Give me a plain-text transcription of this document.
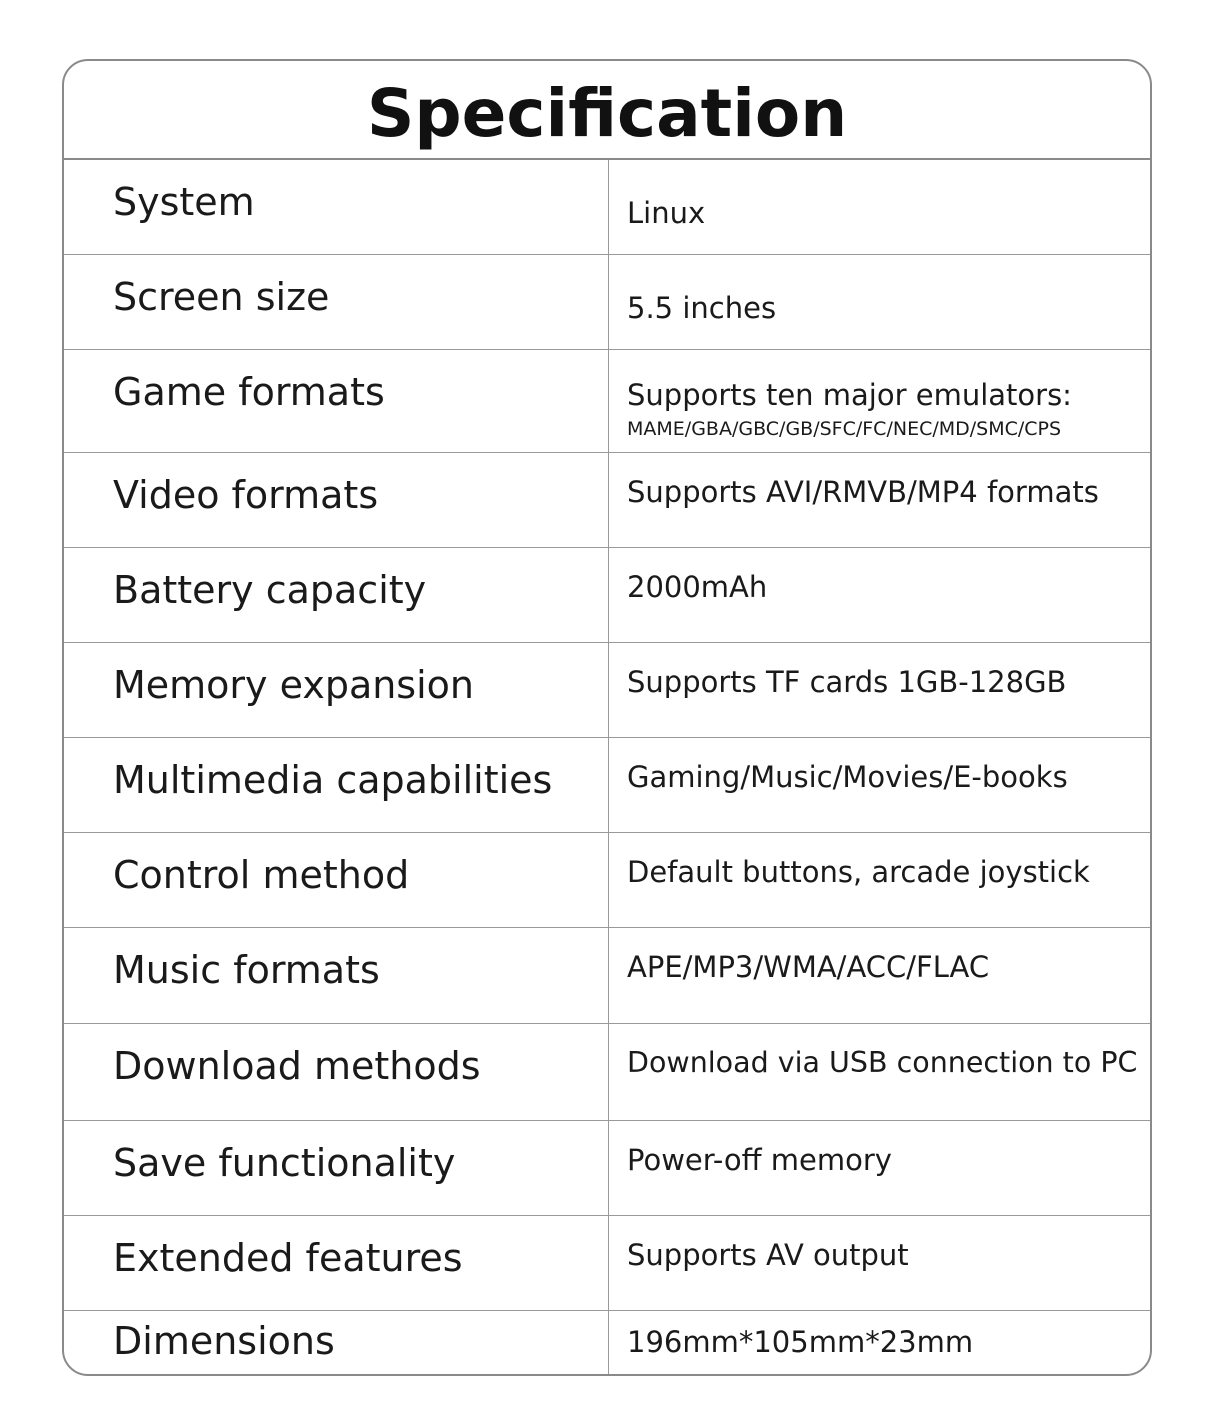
Specification
System	Linux
Screen size	5.5 inches
Game formats	Supports ten major emulators:
MAME/GBA/GBC/GB/SFC/FC/NEC/MD/SMC/CPS
Video formats	Supports AVI/RMVB/MP4 formats
Battery capacity	2000mAh
Memory expansion	Supports TF cards 1GB-128GB
Multimedia capabilities	Gaming/Music/Movies/E-books
Control method	Default buttons, arcade joystick
Music formats	APE/MP3/WMA/ACC/FLAC
Download methods	Download via USB connection to PC
Save functionality	Power-off memory
Extended features	Supports AV output
Dimensions	196mm*105mm*23mm
